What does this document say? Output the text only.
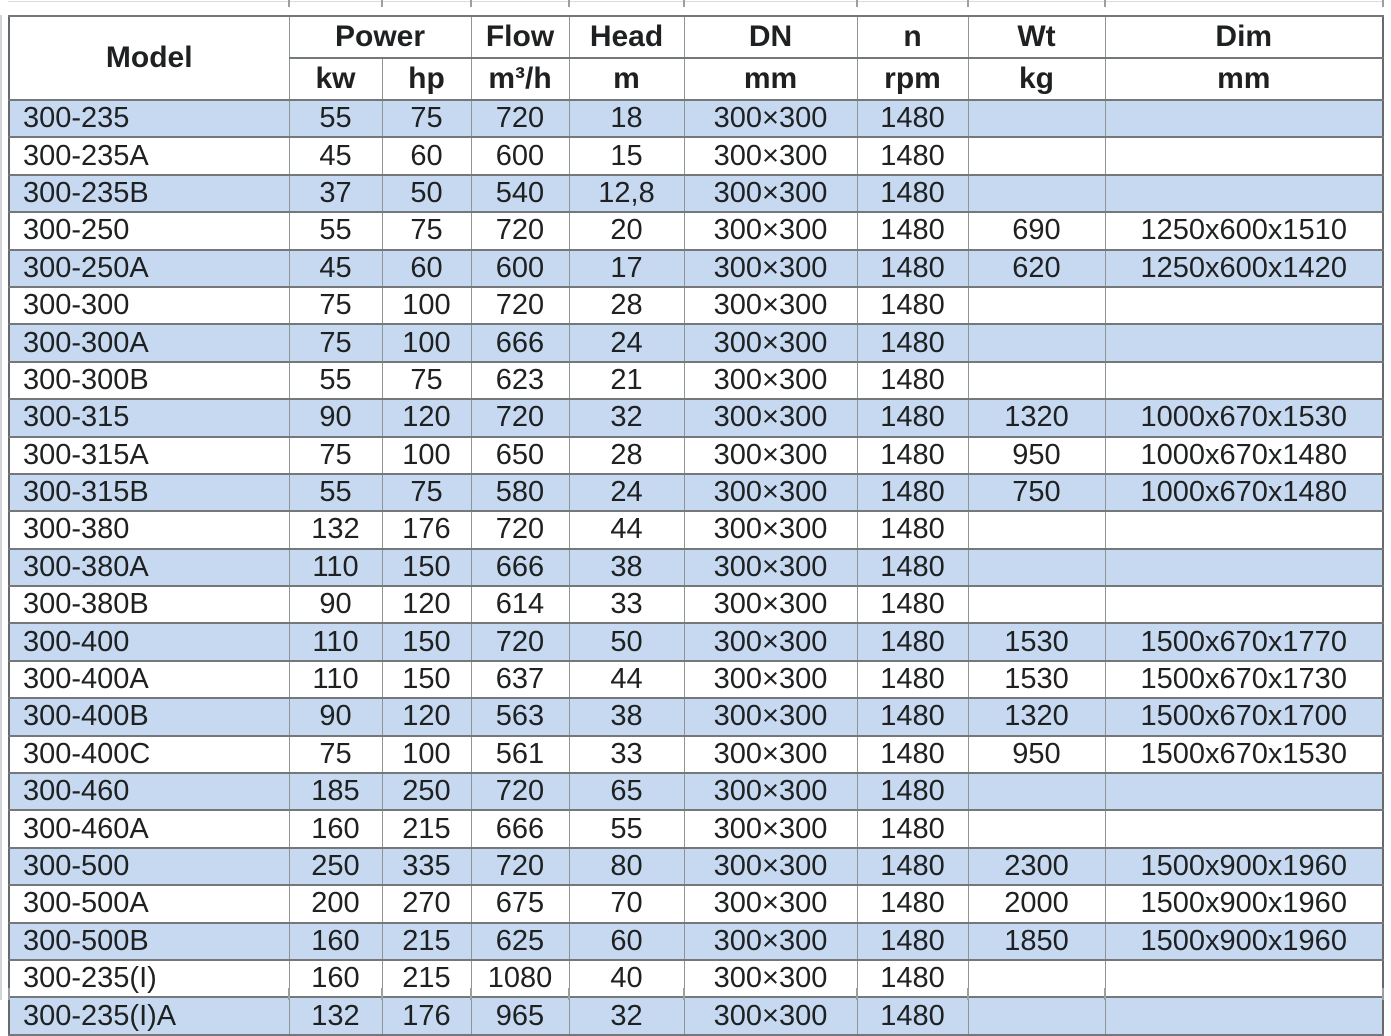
Model	Power		Flow	Head	DN	n	Wt	Dim
	kw	hp	m³/h	m	mm	rpm	kg	mm
300-235	55	75	720	18	300×300	1480		
300-235A	45	60	600	15	300×300	1480		
300-235B	37	50	540	12,8	300×300	1480		
300-250	55	75	720	20	300×300	1480	690	1250x600x1510
300-250A	45	60	600	17	300×300	1480	620	1250x600x1420
300-300	75	100	720	28	300×300	1480		
300-300A	75	100	666	24	300×300	1480		
300-300B	55	75	623	21	300×300	1480		
300-315	90	120	720	32	300×300	1480	1320	1000x670x1530
300-315A	75	100	650	28	300×300	1480	950	1000x670x1480
300-315B	55	75	580	24	300×300	1480	750	1000x670x1480
300-380	132	176	720	44	300×300	1480		
300-380A	110	150	666	38	300×300	1480		
300-380B	90	120	614	33	300×300	1480		
300-400	110	150	720	50	300×300	1480	1530	1500x670x1770
300-400A	110	150	637	44	300×300	1480	1530	1500x670x1730
300-400B	90	120	563	38	300×300	1480	1320	1500x670x1700
300-400C	75	100	561	33	300×300	1480	950	1500x670x1530
300-460	185	250	720	65	300×300	1480		
300-460A	160	215	666	55	300×300	1480		
300-500	250	335	720	80	300×300	1480	2300	1500x900x1960
300-500A	200	270	675	70	300×300	1480	2000	1500x900x1960
300-500B	160	215	625	60	300×300	1480	1850	1500x900x1960
300-235(I)	160	215	1080	40	300×300	1480		
300-235(I)A	132	176	965	32	300×300	1480		
